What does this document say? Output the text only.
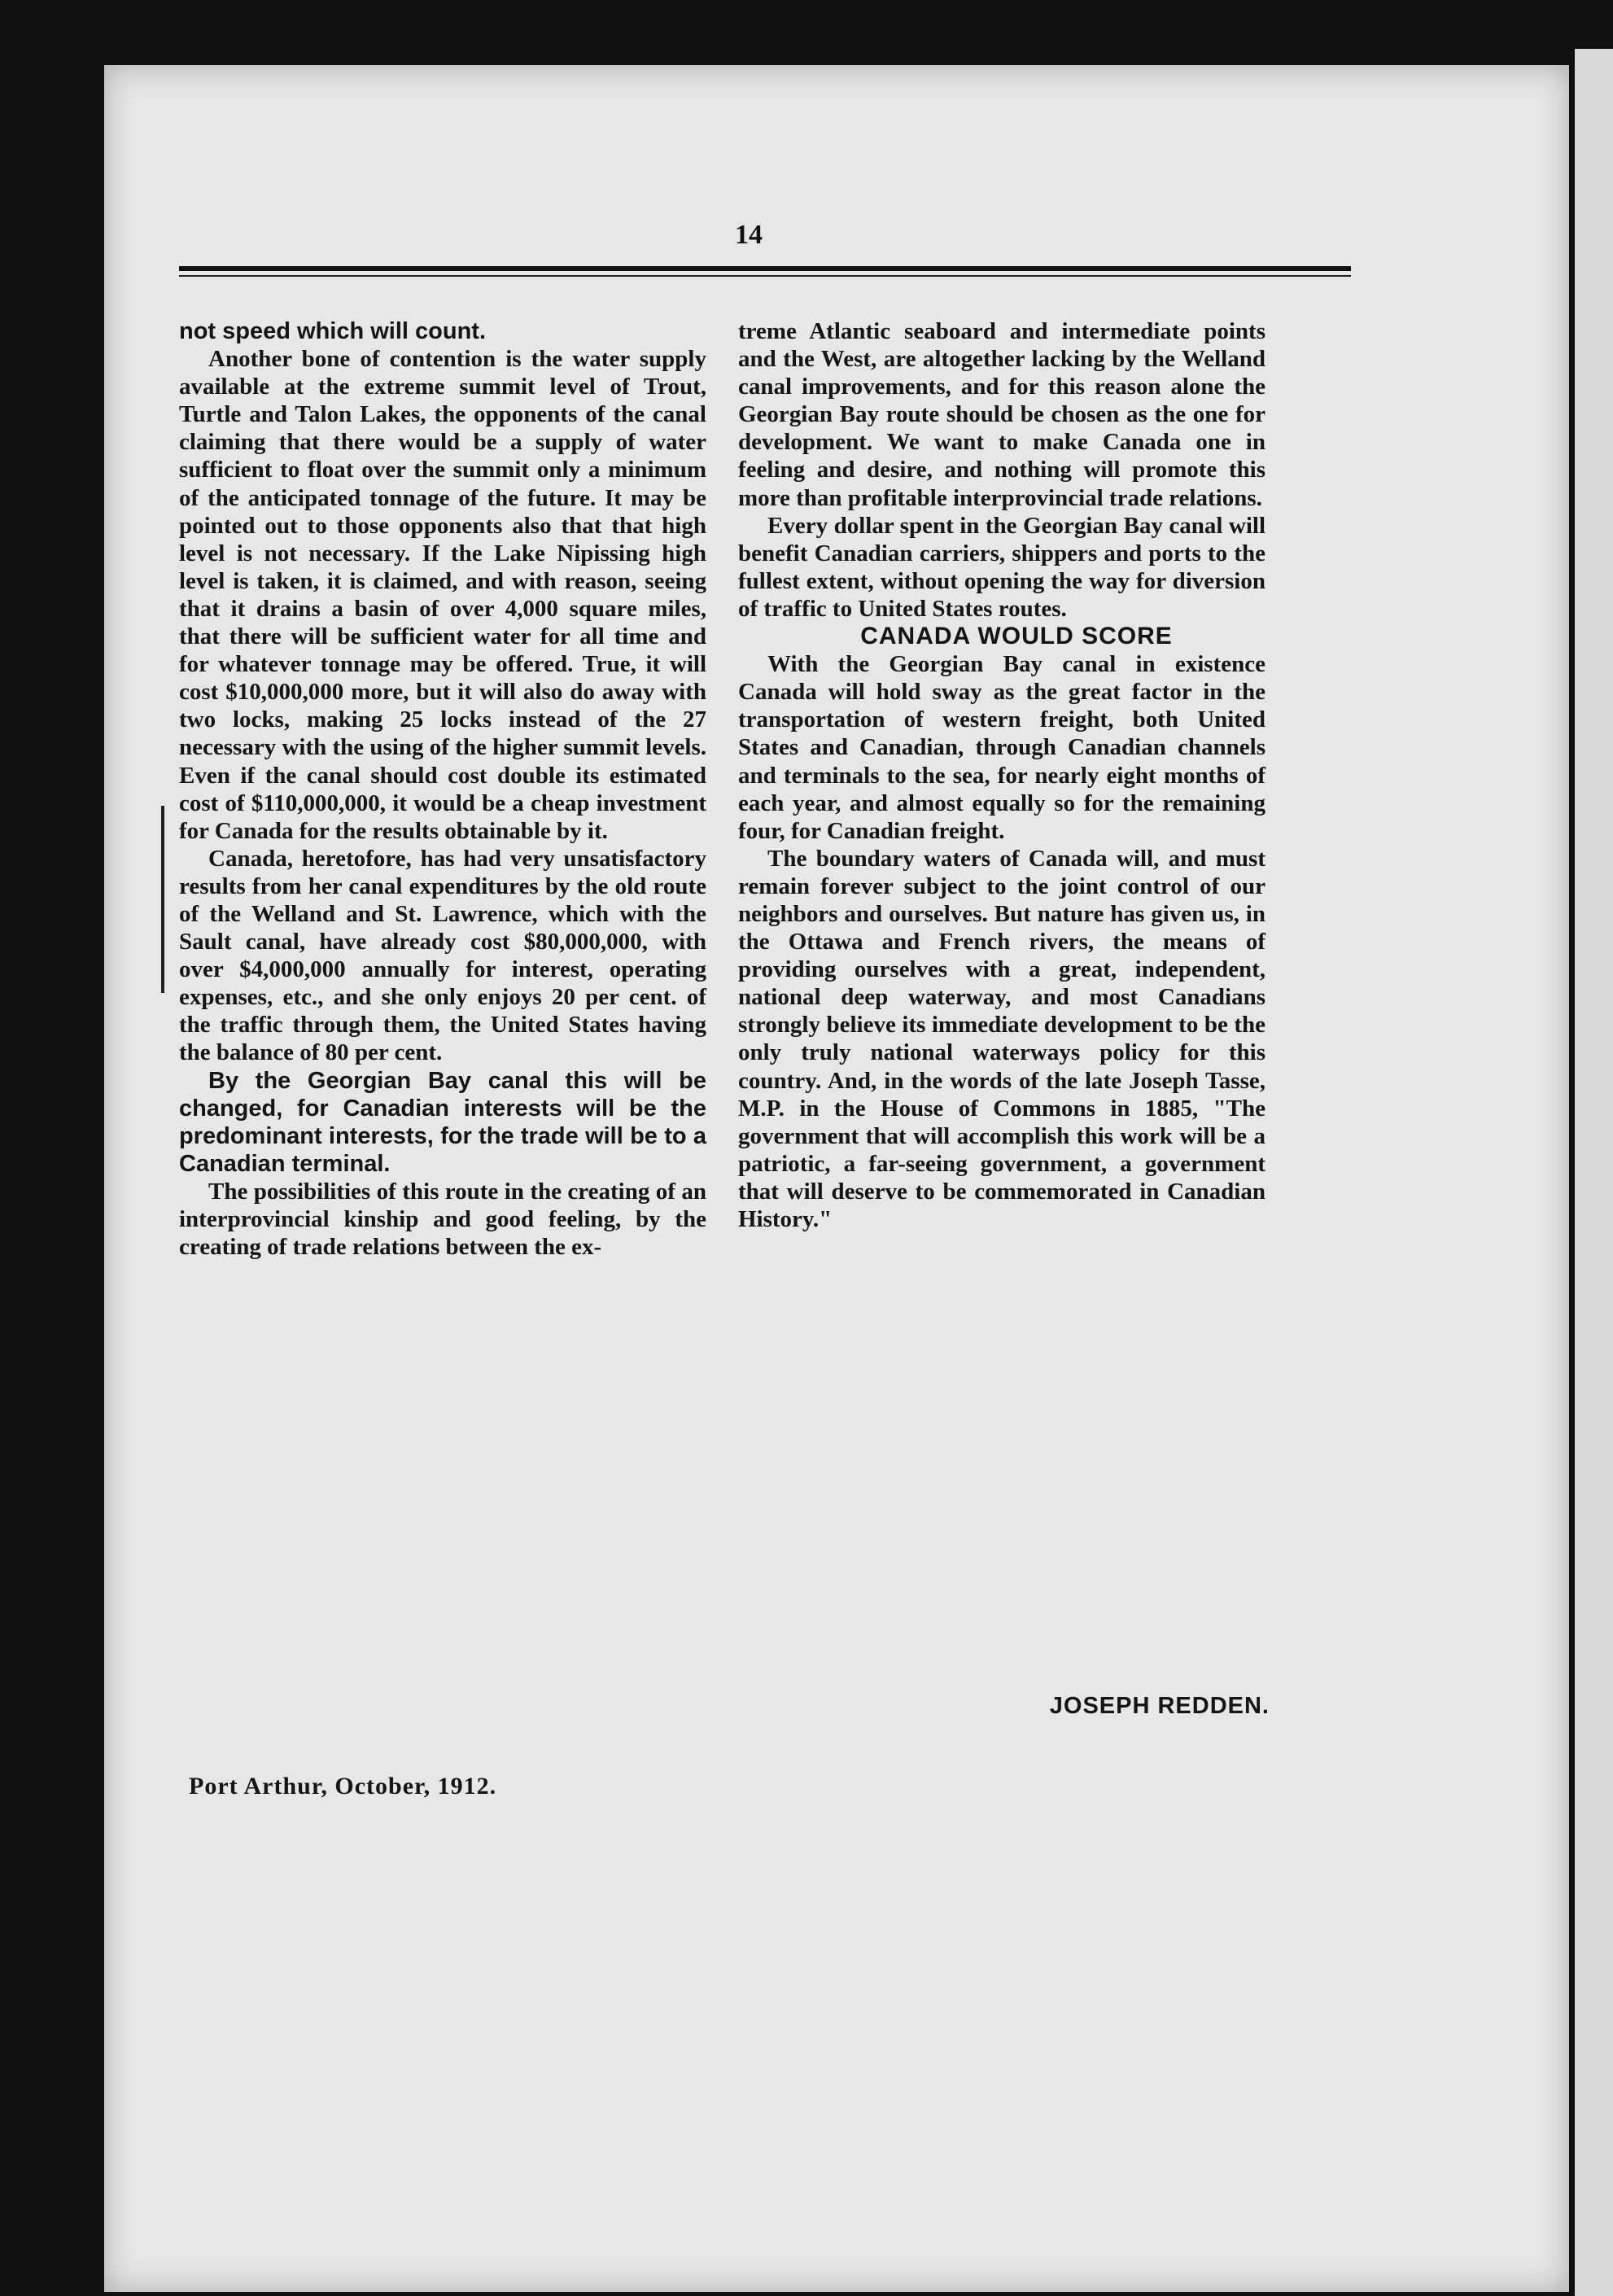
14

not speed which will count.

Another bone of contention is the water supply available at the extreme summit level of Trout, Turtle and Talon Lakes, the opponents of the canal claiming that there would be a supply of water sufficient to float over the summit only a minimum of the anticipated tonnage of the future. It may be pointed out to those opponents also that that high level is not necessary. If the Lake Nipissing high level is taken, it is claimed, and with reason, seeing that it drains a basin of over 4,000 square miles, that there will be sufficient water for all time and for whatever tonnage may be offered. True, it will cost $10,000,000 more, but it will also do away with two locks, making 25 locks instead of the 27 necessary with the using of the higher summit levels. Even if the canal should cost double its estimated cost of $110,000,000, it would be a cheap investment for Canada for the results obtainable by it.

Canada, heretofore, has had very unsatisfactory results from her canal expenditures by the old route of the Welland and St. Lawrence, which with the Sault canal, have already cost $80,000,000, with over $4,000,000 annually for interest, operating expenses, etc., and she only enjoys 20 per cent. of the traffic through them, the United States having the balance of 80 per cent.

By the Georgian Bay canal this will be changed, for Canadian interests will be the predominant interests, for the trade will be to a Canadian terminal.

The possibilities of this route in the creating of an interprovincial kinship and good feeling, by the creating of trade relations between the ex-

treme Atlantic seaboard and intermediate points and the West, are altogether lacking by the Welland canal improvements, and for this reason alone the Georgian Bay route should be chosen as the one for development. We want to make Canada one in feeling and desire, and nothing will promote this more than profitable interprovincial trade relations.

Every dollar spent in the Georgian Bay canal will benefit Canadian carriers, shippers and ports to the fullest extent, without opening the way for diversion of traffic to United States routes.

CANADA WOULD SCORE

With the Georgian Bay canal in existence Canada will hold sway as the great factor in the transportation of western freight, both United States and Canadian, through Canadian channels and terminals to the sea, for nearly eight months of each year, and almost equally so for the remaining four, for Canadian freight.

The boundary waters of Canada will, and must remain forever subject to the joint control of our neighbors and ourselves. But nature has given us, in the Ottawa and French rivers, the means of providing ourselves with a great, independent, national deep waterway, and most Canadians strongly believe its immediate development to be the only truly national waterways policy for this country. And, in the words of the late Joseph Tasse, M.P. in the House of Commons in 1885, "The government that will accomplish this work will be a patriotic, a far-seeing government, a government that will deserve to be commemorated in Canadian History."

JOSEPH REDDEN.
Port Arthur, October, 1912.
